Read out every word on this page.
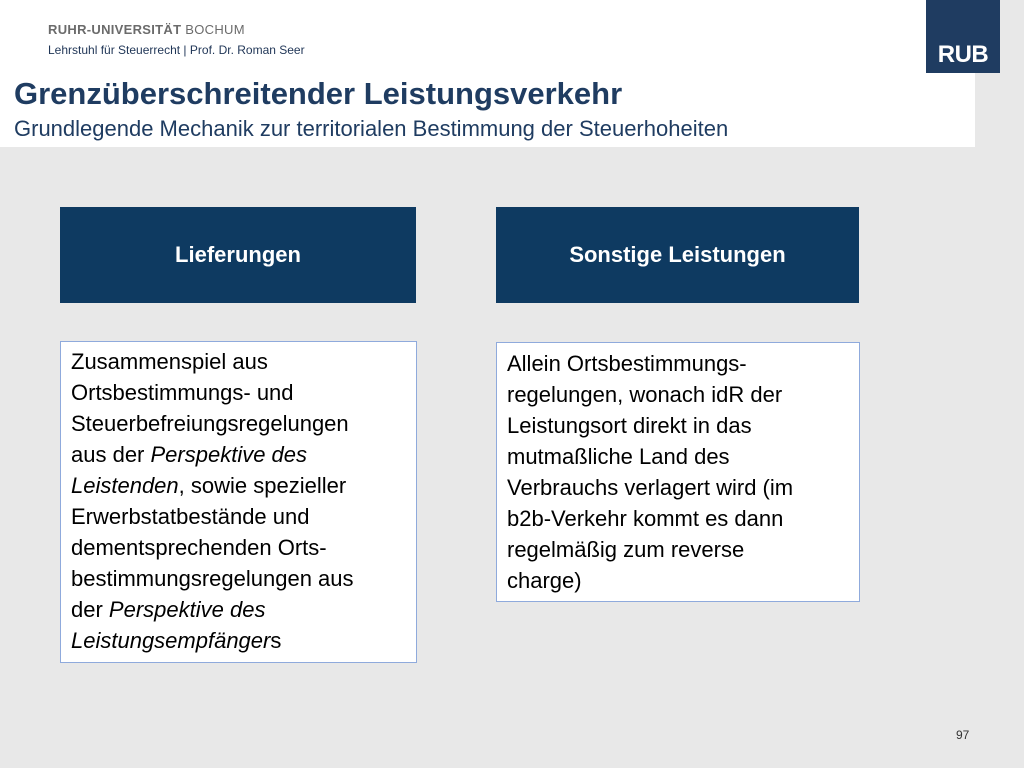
RUHR-UNIVERSITÄT BOCHUM
Lehrstuhl für Steuerrecht | Prof. Dr. Roman Seer
Grenzüberschreitender Leistungsverkehr
Grundlegende Mechanik zur territorialen Bestimmung der Steuerhoheiten
RUB
Lieferungen	Sonstige Leistungen
Zusammenspiel aus
Ortsbestimmungs- und
Steuerbefreiungsregelungen
aus der Perspektive des
Leistenden, sowie spezieller
Erwerbstatbestände und
dementsprechenden Orts-
bestimmungsregelungen aus
der Perspektive des
Leistungsempfängers
Allein Ortsbestimmungs-
regelungen, wonach idR der
Leistungsort direkt in das
mutmaßliche Land des
Verbrauchs verlagert wird (im
b2b-Verkehr kommt es dann
regelmäßig zum reverse
charge)
97
